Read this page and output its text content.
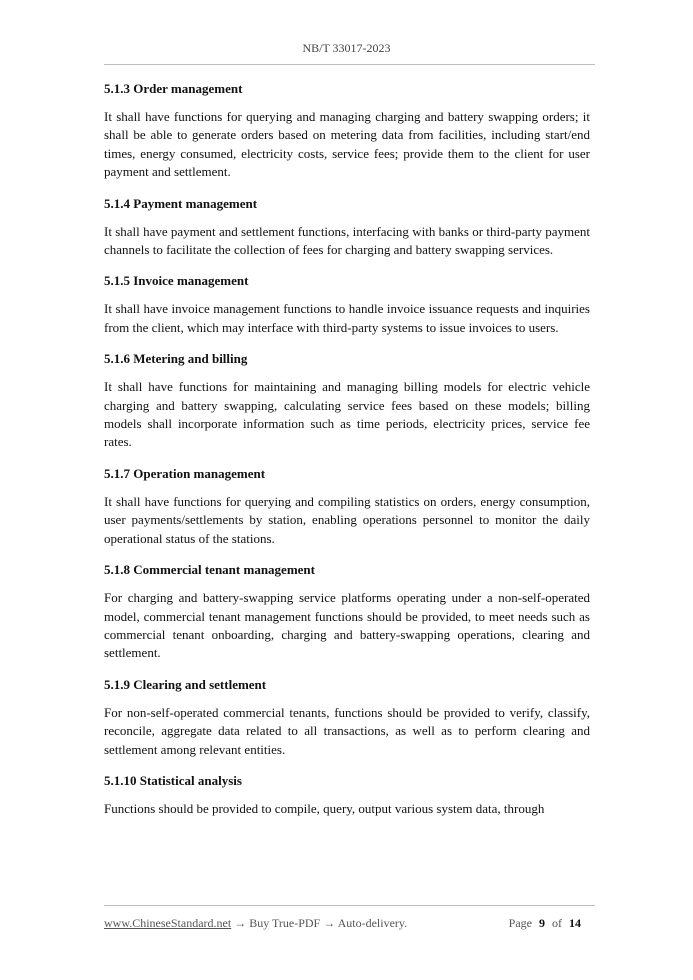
NB/T 33017-2023
5.1.3 Order management

It shall have functions for querying and managing charging and battery swapping orders; it shall be able to generate orders based on metering data from facilities, including start/end times, energy consumed, electricity costs, service fees; provide them to the client for user payment and settlement.

5.1.4 Payment management

It shall have payment and settlement functions, interfacing with banks or third-party payment channels to facilitate the collection of fees for charging and battery swapping services.

5.1.5 Invoice management

It shall have invoice management functions to handle invoice issuance requests and inquiries from the client, which may interface with third-party systems to issue invoices to users.

5.1.6 Metering and billing

It shall have functions for maintaining and managing billing models for electric vehicle charging and battery swapping, calculating service fees based on these models; billing models shall incorporate information such as time periods, electricity prices, service fee rates.

5.1.7 Operation management

It shall have functions for querying and compiling statistics on orders, energy consumption, user payments/settlements by station, enabling operations personnel to monitor the daily operational status of the stations.

5.1.8 Commercial tenant management

For charging and battery-swapping service platforms operating under a non-self-operated model, commercial tenant management functions should be provided, to meet needs such as commercial tenant onboarding, charging and battery-swapping operations, clearing and settlement.

5.1.9 Clearing and settlement

For non-self-operated commercial tenants, functions should be provided to verify, classify, reconcile, aggregate data related to all transactions, as well as to perform clearing and settlement among relevant entities.

5.1.10 Statistical analysis

Functions should be provided to compile, query, output various system data, through

www.ChineseStandard.net → Buy True-PDF → Auto-delivery.	Page 9 of 14
